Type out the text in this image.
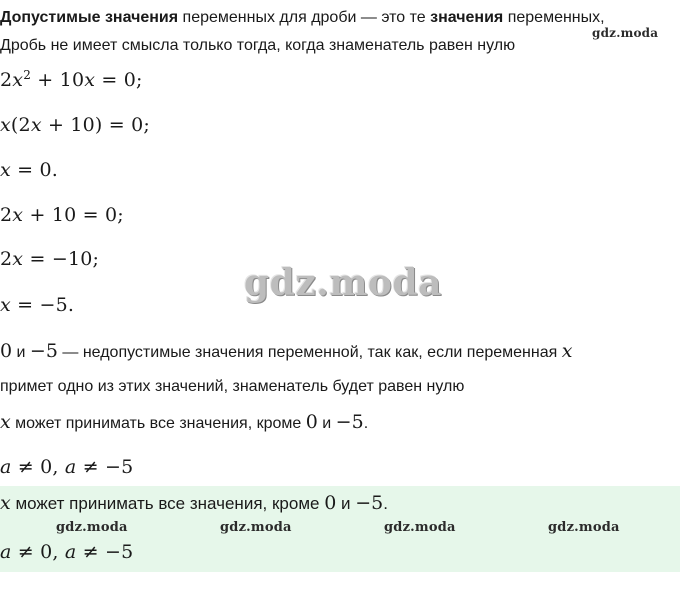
Допустимые значения переменных для дроби — это те значения переменных,
Дробь не имеет смысла только тогда, когда знаменатель равен нулю
gdz.moda
$2x^2 + 10x = 0$;
x(2x + 10) = 0;
x = 0.
2x + 10 = 0;
2x = −10;
gdz.moda
x = −5.
0 и −5 — недопустимые значения переменной, так как, если переменная x
примет одно из этих значений, знаменатель будет равен нулю
x может принимать все значения, кроме 0 и −5.
a ≠ 0, a ≠ −5
x может принимать все значения, кроме 0 и −5.
gdz.moda	gdz.moda	gdz.moda	gdz.moda
a ≠ 0, a ≠ −5
